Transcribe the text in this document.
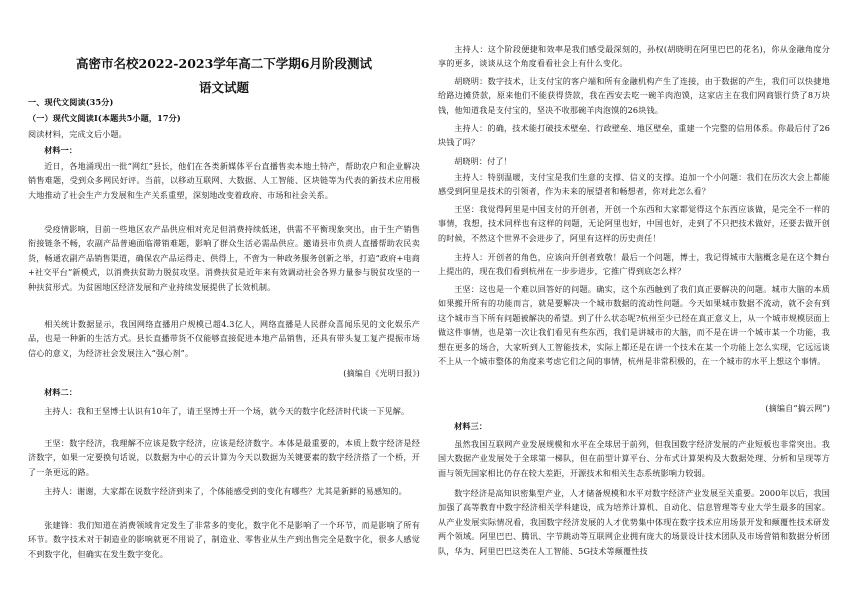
高密市名校2022-2023学年高二下学期6月阶段测试
语文试题

一、现代文阅读(35分)

（一）现代文阅读I(本题共5小题，17分)

阅读材料，完成文后小题。

材料一：

近日，各地涌现出一批“网红”县长，他们在各类新媒体平台直播售卖本地土特产，帮助农户和企业解决销售难题，受到众多网民好评。当前，以移动互联网、大数据、人工智能、区块链等为代表的新技术应用极大地推动了社会生产力发展和生产关系重塑，深刻地改变着政府、市场和社会关系。

受疫情影响，目前一些地区农产品供应相对充足但消费持续低迷，供需不平衡现象突出，由于生产销售衔接链条不畅，农副产品普遍面临滞销难题，影响了群众生活必需品供应。邀请县市负责人直播帮助农民卖货，畅通农副产品销售渠道，确保农产品运得走、供得上，不啻为一种政务服务创新之举，打造“政府+电商+社交平台”新模式，以消费扶贫助力脱贫攻坚。消费扶贫是近年来有效调动社会各界力量参与脱贫攻坚的一种扶贫形式。为贫困地区经济发展和产业持续发展提供了长效机制。

相关统计数据显示，我国网络直播用户规模已超4.3亿人，网络直播是人民群众喜闻乐见的文化娱乐产品，也是一种新的生活方式。县长直播带货不仅能够直接促进本地产品销售，还具有带头复工复产提振市场信心的意义，为经济社会发展注入“强心剂”。

(摘编自《光明日报》)

材料二：

主持人：我和王坚博士认识有10年了，请王坚博士开一个场，就今天的数字化经济时代谈一下见解。

王坚：数字经济，我理解不应该是数字经济，应该是经济数字。本体是最重要的，本质上数字经济是经济数字，如果一定要换句话说，以数据为中心的云计算为今天以数据为关键要素的数字经济搭了一个桥，开了一条更远的路。

主持人：谢谢，大家都在说数字经济到来了，个体能感受到的变化有哪些？尤其是新鲜的易感知的。

张建锋：我们知道在消费领域肯定发生了非常多的变化，数字化不是影响了一个环节，而是影响了所有环节。数字技术对于制造业的影响就更不用说了，制造业、零售业从生产到出售完全是数字化，很多人感觉不到数字化，但确实在发生数字变化。

主持人：这个阶段便捷和效率是我们感受最深刻的，孙权(胡晓明在阿里巴巴的花名)，你从金融角度分享的更多，谈谈从这个角度看看社会上有什么变化。

胡晓明：数字技术，让支付宝的客户端和所有金融机构产生了连接，由于数据的产生，我们可以快捷地给路边摊贷款，原来他们不能获得贷款，我在西安去吃一碗羊肉泡馍，这家店主在我们网商银行贷了8万块钱，他知道我是支付宝的，坚决不收那碗羊肉泡馍的26块钱。

主持人：的确，技术能打破技术壁垒、行政壁垒、地区壁垒，重建一个完整的信用体系。你最后付了26块钱了吗？

胡晓明：付了！

主持人：特别温暖，支付宝是我们生意的支撑、信义的支撑。追加一个小问题：我们在历次大会上都能感受到阿里是技术的引领者，作为未来的展望者和畅想者，你对此怎么看？

王坚：我觉得阿里是中国支付的开创者，开创一个东西和大家都觉得这个东西应该做，是完全不一样的事情，我想，技术同样也有这样的问题，无论阿里也好，中国也好，走到了不只把技术做好，还要去做开创的时候，不然这个世界不会进步了，阿里有这样的历史责任！

主持人：开创者的角色，应该向开创者致敬！最后一个问题，博士，我记得城市大脑概念是在这个舞台上提出的，现在我们看到杭州在一步步进步，它推广得到底怎么样？

王坚：这也是一个难以回答好的问题。确实，这个东西触到了我们真正要解决的问题。城市大脑的本质如果搬开所有的功能而言，就是要解决一个城市数据的流动性问题。今天如果城市数据不流动，就不会有到这个城市当下所有问题被解决的希望。到了什么状态呢?杭州至少已经在真正意义上，从一个城市规模层面上做这件事情，也是第一次让我们看见有些东西，我们是讲城市的大脑，而不是在讲一个城市某一个功能，我想在更多的场合，大家听到人工智能技术，实际上都还是在讲一个技术在某一个功能上怎么实现，它远远谈不上从一个城市整体的角度来考虑它们之间的事情，杭州是非常积极的，在一个城市的水平上想这个事情。

(摘编自“搞云网”)

材料三：

虽然我国互联网产业发展规模和水平在全球居于前列，但我国数字经济发展的产业短板也非常突出。我国大数据产业发展处于全球第一梯队，但在前型计算平台、分布式计算架构及大数据处理、分析和呈现等方面与领先国家相比仍存在较大差距，开源技术和相关生态系统影响力较弱。

数字经济是高知识密集型产业，人才储备规模和水平对数字经济产业发展至关重要。2000年以后，我国加强了高等教育中数字经济相关学科建设，成为培养计算机、自动化、信息管理等专业大学生最多的国家。从产业发展实际情况看，我国数字经济发展的人才优势集中体现在数字技术应用场景开发和颠覆性技术研发两个领域。阿里巴巴、腾讯、字节跳动等互联网企业拥有庞大的场景设计技术团队及市场营销和数据分析团队，华为、阿里巴巴这类在人工智能、5G技术等颠覆性技
